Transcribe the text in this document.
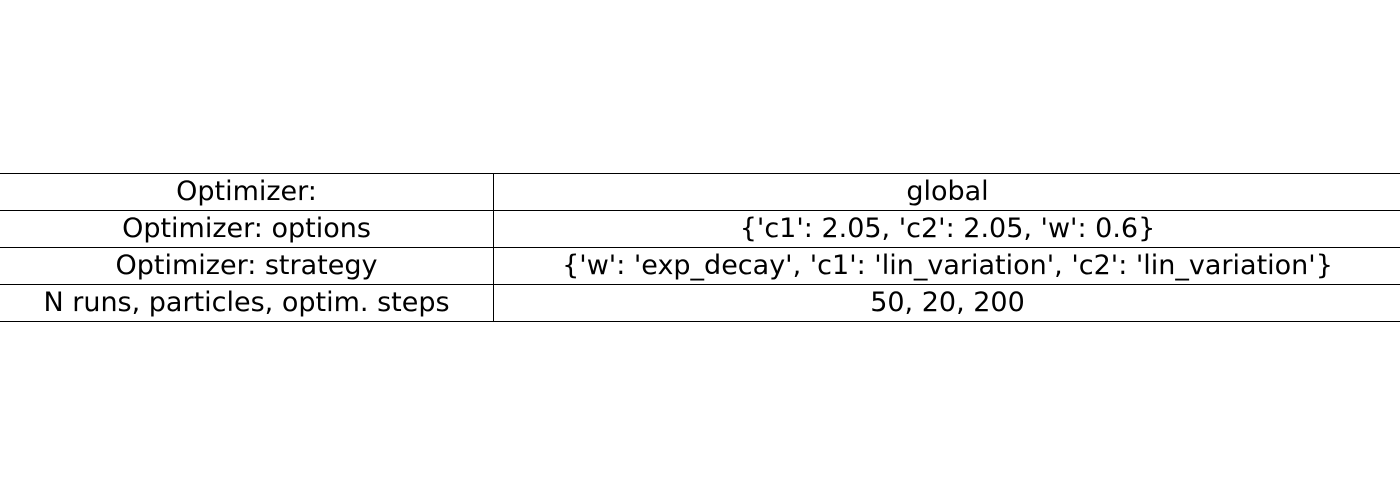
Optimizer:	global
Optimizer: options	{'c1': 2.05, 'c2': 2.05, 'w': 0.6}
Optimizer: strategy	{'w': 'exp_decay', 'c1': 'lin_variation', 'c2': 'lin_variation'}
N runs, particles, optim. steps	50, 20, 200
